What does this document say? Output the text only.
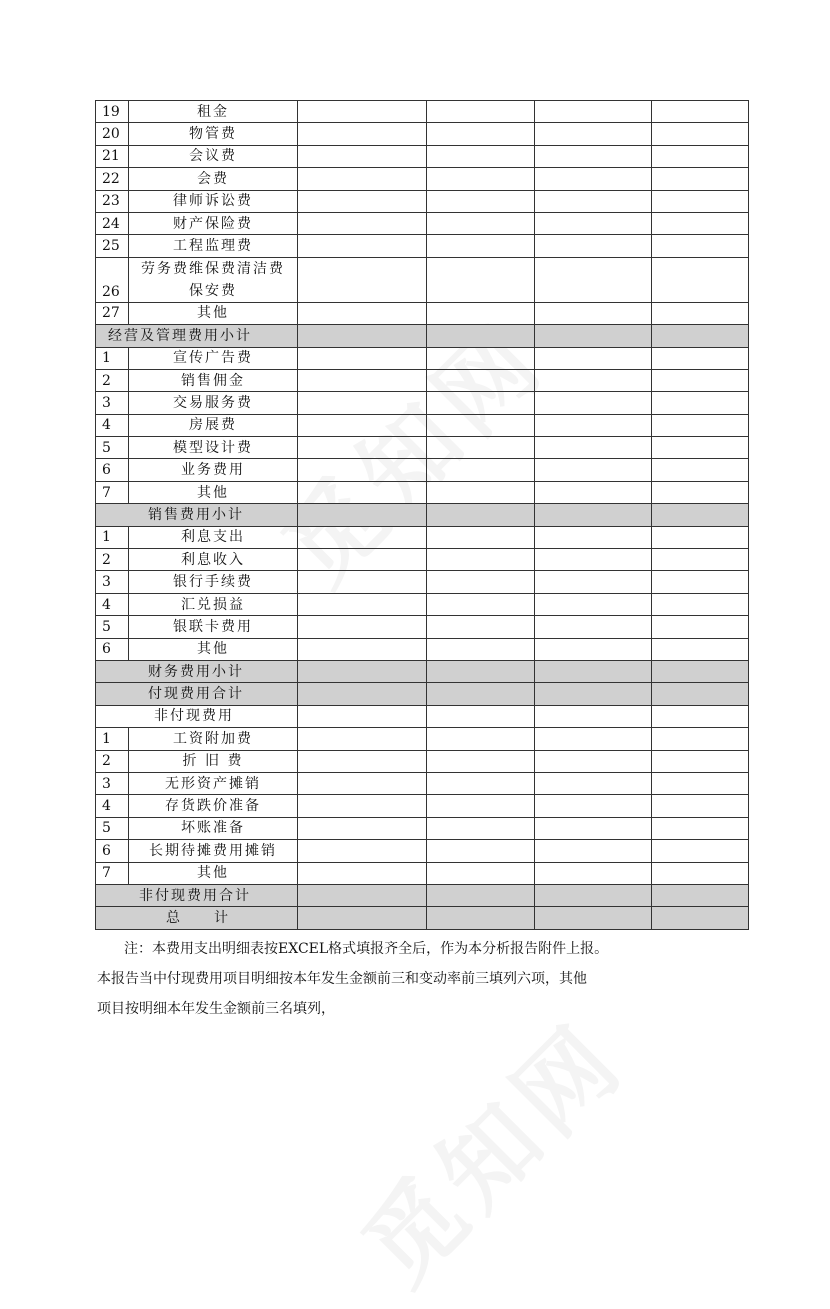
觅知网
觅知网
19	租金				
20	物管费				
21	会议费				
22	会费				
23	律师诉讼费				
24	财产保险费				
25	工程监理费				

26	劳务费维保费清洁费
保安费				

27	其他				
经营及管理费用小计					
1	宣传广告费				
2	销售佣金				
3	交易服务费				
4	房展费				
5	模型设计费				
6	业务费用				
7	其他				
销售费用小计					
1	利息支出				
2	利息收入				
3	银行手续费				
4	汇兑损益				
5	银联卡费用				
6	其他				
财务费用小计					
付现费用合计					
非付现费用					
1	工资附加费				
2	折 旧 费				
3	无形资产摊销				
4	存货跌价准备				
5	坏账准备				
6	长期待摊费用摊销				
7	其他				
非付现费用合计					
总　　计					

注：本费用支出明细表按EXCEL格式填报齐全后，作为本分析报告附件上报。

本报告当中付现费用项目明细按本年发生金额前三和变动率前三填列六项，其他

项目按明细本年发生金额前三名填列，
